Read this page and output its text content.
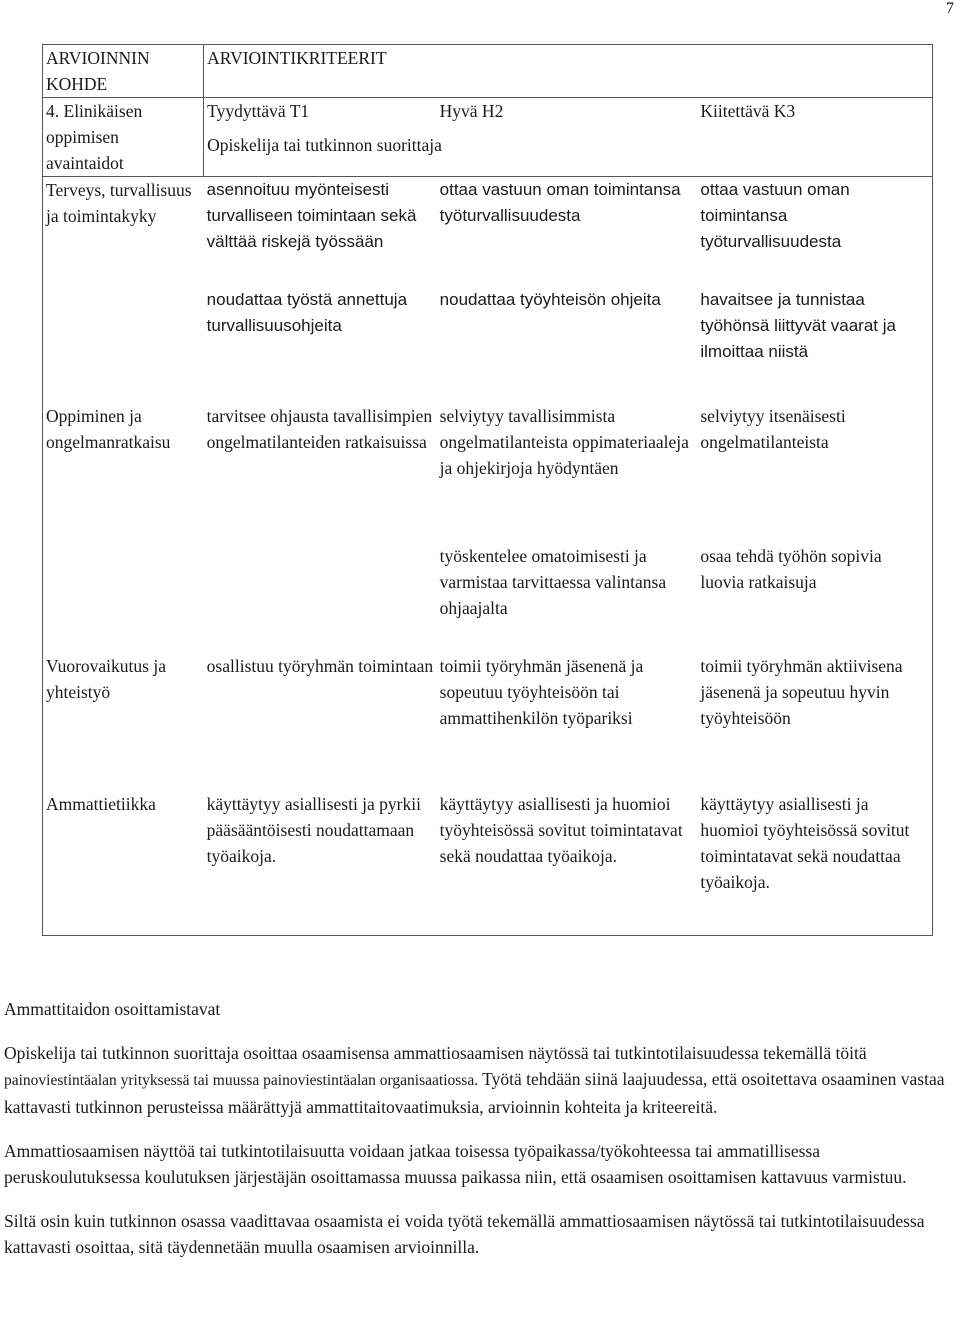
7
ARVIOINNIN KOHDE	ARVIOINTIKRITEERIT		
4. Elinikäisen oppimisen avaintaidot	Tyydyttävä T1	Hyvä H2	Kiitettävä K3
	Opiskelija tai tutkinnon suorittaja		
Terveys, turvallisuus ja toimintakyky	asennoituu myönteisesti turvalliseen toimintaan sekä välttää riskejä työssään	ottaa vastuun oman toimintansa työturvallisuudesta	ottaa vastuun oman toimintansa työturvallisuudesta
	noudattaa työstä annettuja turvallisuusohjeita	noudattaa työyhteisön ohjeita	havaitsee ja tunnistaa työhönsä liittyvät vaarat ja ilmoittaa niistä
Oppiminen ja ongelmanratkaisu	tarvitsee ohjausta tavallisimpien ongelmatilanteiden ratkaisuissa	selviytyy tavallisimmista ongelmatilanteista oppimateriaaleja ja ohjekirjoja hyödyntäen	selviytyy itsenäisesti ongelmatilanteista
		työskentelee omatoimisesti ja varmistaa tarvittaessa valintansa ohjaajalta	osaa tehdä työhön sopivia luovia ratkaisuja
Vuorovaikutus ja yhteistyö	osallistuu työryhmän toimintaan	toimii työryhmän jäsenenä ja sopeutuu työyhteisöön tai ammattihenkilön työpariksi	toimii työryhmän aktiivisena jäsenenä ja sopeutuu hyvin työyhteisöön
Ammattietiikka	käyttäytyy asiallisesti ja pyrkii pääsääntöisesti noudattamaan työaikoja.	käyttäytyy asiallisesti ja huomioi työyhteisössä sovitut toimintatavat sekä noudattaa työaikoja.	käyttäytyy asiallisesti ja huomioi työyhteisössä sovitut toimintatavat sekä noudattaa työaikoja.

Ammattitaidon osoittamistavat

Opiskelija tai tutkinnon suorittaja osoittaa osaamisensa ammattiosaamisen näytössä tai tutkintotilaisuudessa tekemällä töitä painoviestintäalan yrityksessä tai muussa painoviestintäalan organisaatiossa. Työtä tehdään siinä laajuudessa, että osoitettava osaaminen vastaa kattavasti tutkinnon perusteissa määrättyjä ammattitaitovaatimuksia, arvioinnin kohteita ja kriteereitä.

Ammattiosaamisen näyttöä tai tutkintotilaisuutta voidaan jatkaa toisessa työpaikassa/työkohteessa tai ammatillisessa peruskoulutuksessa koulutuksen järjestäjän osoittamassa muussa paikassa niin, että osaamisen osoittamisen kattavuus varmistuu.

Siltä osin kuin tutkinnon osassa vaadittavaa osaamista ei voida työtä tekemällä ammattiosaamisen näytössä tai tutkintotilaisuudessa kattavasti osoittaa, sitä täydennetään muulla osaamisen arvioinnilla.
